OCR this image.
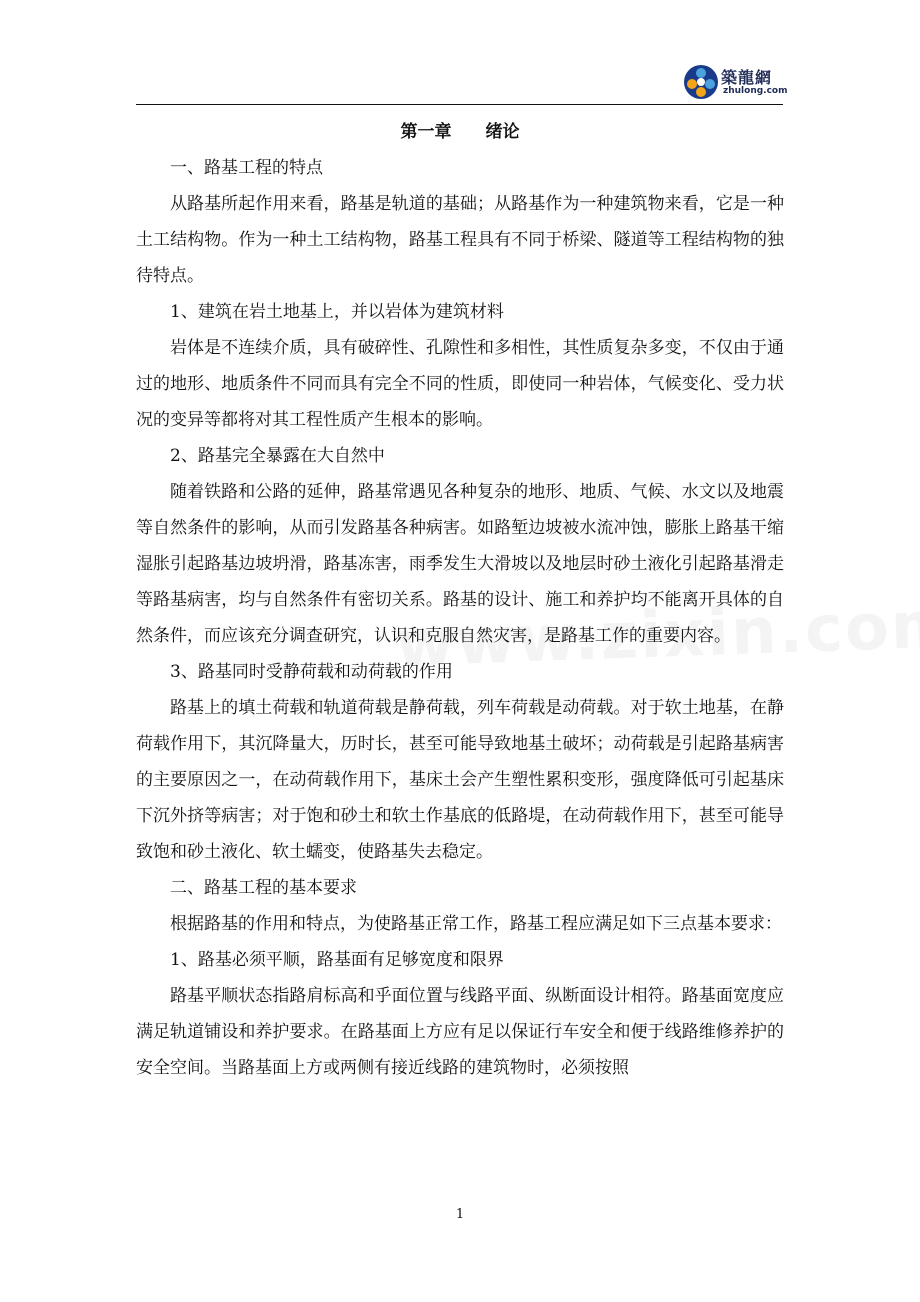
築龍網
zhulong.com
第一章　　绪论

一、路基工程的特点

从路基所起作用来看，路基是轨道的基础；从路基作为一种建筑物来看，它是一种土工结构物。作为一种土工结构物，路基工程具有不同于桥梁、隧道等工程结构物的独待特点。

1、建筑在岩土地基上，并以岩体为建筑材料

岩体是不连续介质，具有破碎性、孔隙性和多相性，其性质复杂多变，不仅由于通过的地形、地质条件不同而具有完全不同的性质，即使同一种岩体，气候变化、受力状况的变异等都将对其工程性质产生根本的影响。

2、路基完全暴露在大自然中

随着铁路和公路的延伸，路基常遇见各种复杂的地形、地质、气候、水文以及地震等自然条件的影响，从而引发路基各种病害。如路堑边坡被水流冲蚀，膨胀上路基干缩湿胀引起路基边坡坍滑，路基冻害，雨季发生大滑坡以及地层时砂土液化引起路基滑走等路基病害，均与自然条件有密切关系。路基的设计、施工和养护均不能离开具体的自然条件，而应该充分调查研究，认识和克服自然灾害，是路基工作的重要内容。

3、路基同时受静荷载和动荷载的作用

路基上的填土荷载和轨道荷载是静荷载，列车荷载是动荷载。对于软土地基，在静荷载作用下，其沉降量大，历时长，甚至可能导致地基土破坏；动荷载是引起路基病害的主要原因之一，在动荷载作用下，基床土会产生塑性累积变形，强度降低可引起基床下沉外挤等病害；对于饱和砂土和软土作基底的低路堤，在动荷载作用下，甚至可能导致饱和砂土液化、软土蠕变，使路基失去稳定。

二、路基工程的基本要求

根据路基的作用和特点，为使路基正常工作，路基工程应满足如下三点基本要求：

1、路基必须平顺，路基面有足够宽度和限界

路基平顺状态指路肩标高和乎面位置与线路平面、纵断面设计相符。路基面宽度应满足轨道铺设和养护要求。在路基面上方应有足以保证行车安全和便于线路维修养护的安全空间。当路基面上方或两侧有接近线路的建筑物时，必须按照

1
